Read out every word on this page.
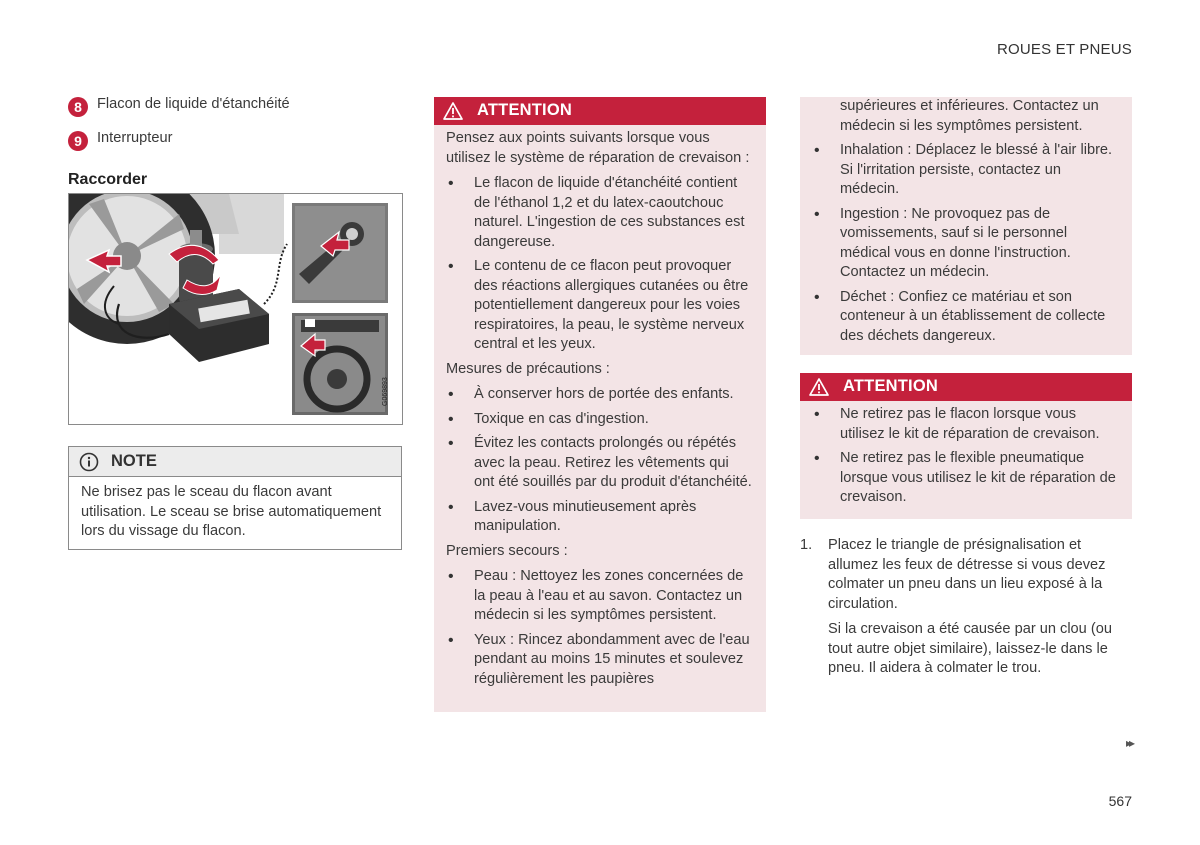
ROUES ET PNEUS
8	Flacon de liquide d'étanchéité
9	Interrupteur
Raccorder
G069893
NOTE

Ne brisez pas le sceau du flacon avant utilisation. Le sceau se brise automatiquement lors du vissage du flacon.

ATTENTION

Pensez aux points suivants lorsque vous utilisez le système de réparation de crevaison :

• Le flacon de liquide d'étanchéité contient de l'éthanol 1,2 et du latex-caoutchouc naturel. L'ingestion de ces substances est dangereuse.
• Le contenu de ce flacon peut provoquer des réactions allergiques cutanées ou être potentiellement dangereux pour les voies respiratoires, la peau, le système nerveux central et les yeux.

Mesures de précautions :

• À conserver hors de portée des enfants.
• Toxique en cas d'ingestion.
• Évitez les contacts prolongés ou répétés avec la peau. Retirez les vêtements qui ont été souillés par du produit d'étanchéité.
• Lavez-vous minutieusement après manipulation.

Premiers secours :

• Peau : Nettoyez les zones concernées de la peau à l'eau et au savon. Contactez un médecin si les symptômes persistent.
• Yeux : Rincez abondamment avec de l'eau pendant au moins 15 minutes et soulevez régulièrement les paupières

supérieures et inférieures. Contactez un médecin si les symptômes persistent.

• Inhalation : Déplacez le blessé à l'air libre. Si l'irritation persiste, contactez un médecin.
• Ingestion : Ne provoquez pas de vomissements, sauf si le personnel médical vous en donne l'instruction. Contactez un médecin.
• Déchet : Confiez ce matériau et son conteneur à un établissement de collecte des déchets dangereux.
ATTENTION
• Ne retirez pas le flacon lorsque vous utilisez le kit de réparation de crevaison.
• Ne retirez pas le flexible pneumatique lorsque vous utilisez le kit de réparation de crevaison.
1. Placez le triangle de présignalisation et allumez les feux de détresse si vous devez colmater un pneu dans un lieu exposé à la circulation.

Si la crevaison a été causée par un clou (ou tout autre objet similaire), laissez-le dans le pneu. Il aidera à colmater le trou.

▸▸
567
